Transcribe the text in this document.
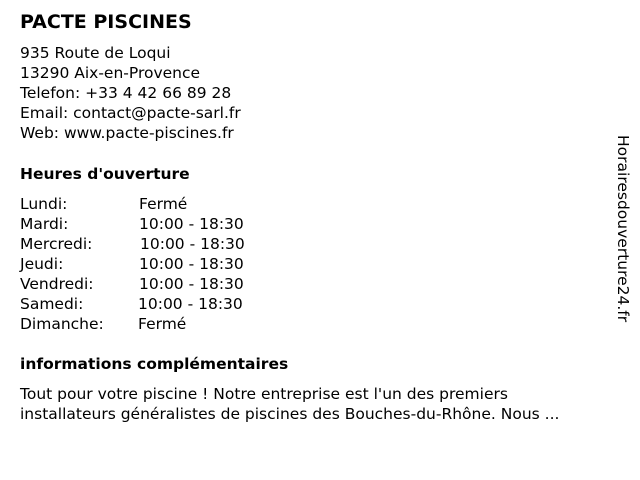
PACTE PISCINES
935 Route de Loqui
13290 Aix-en-Provence
Telefon: +33 4 42 66 89 28
Email: contact@pacte-sarl.fr
Web: www.pacte-piscines.fr
Heures d'ouverture
Lundi:	Fermé
Mardi:	10:00 - 18:30
Mercredi:	10:00 - 18:30
Jeudi:	10:00 - 18:30
Vendredi:	10:00 - 18:30
Samedi:	10:00 - 18:30
Dimanche: Fermé
informations complémentaires
Tout pour votre piscine ! Notre entreprise est l'un des premiers
installateurs généralistes de piscines des Bouches-du-Rhône. Nous ...
Horairesdouverture24.fr
